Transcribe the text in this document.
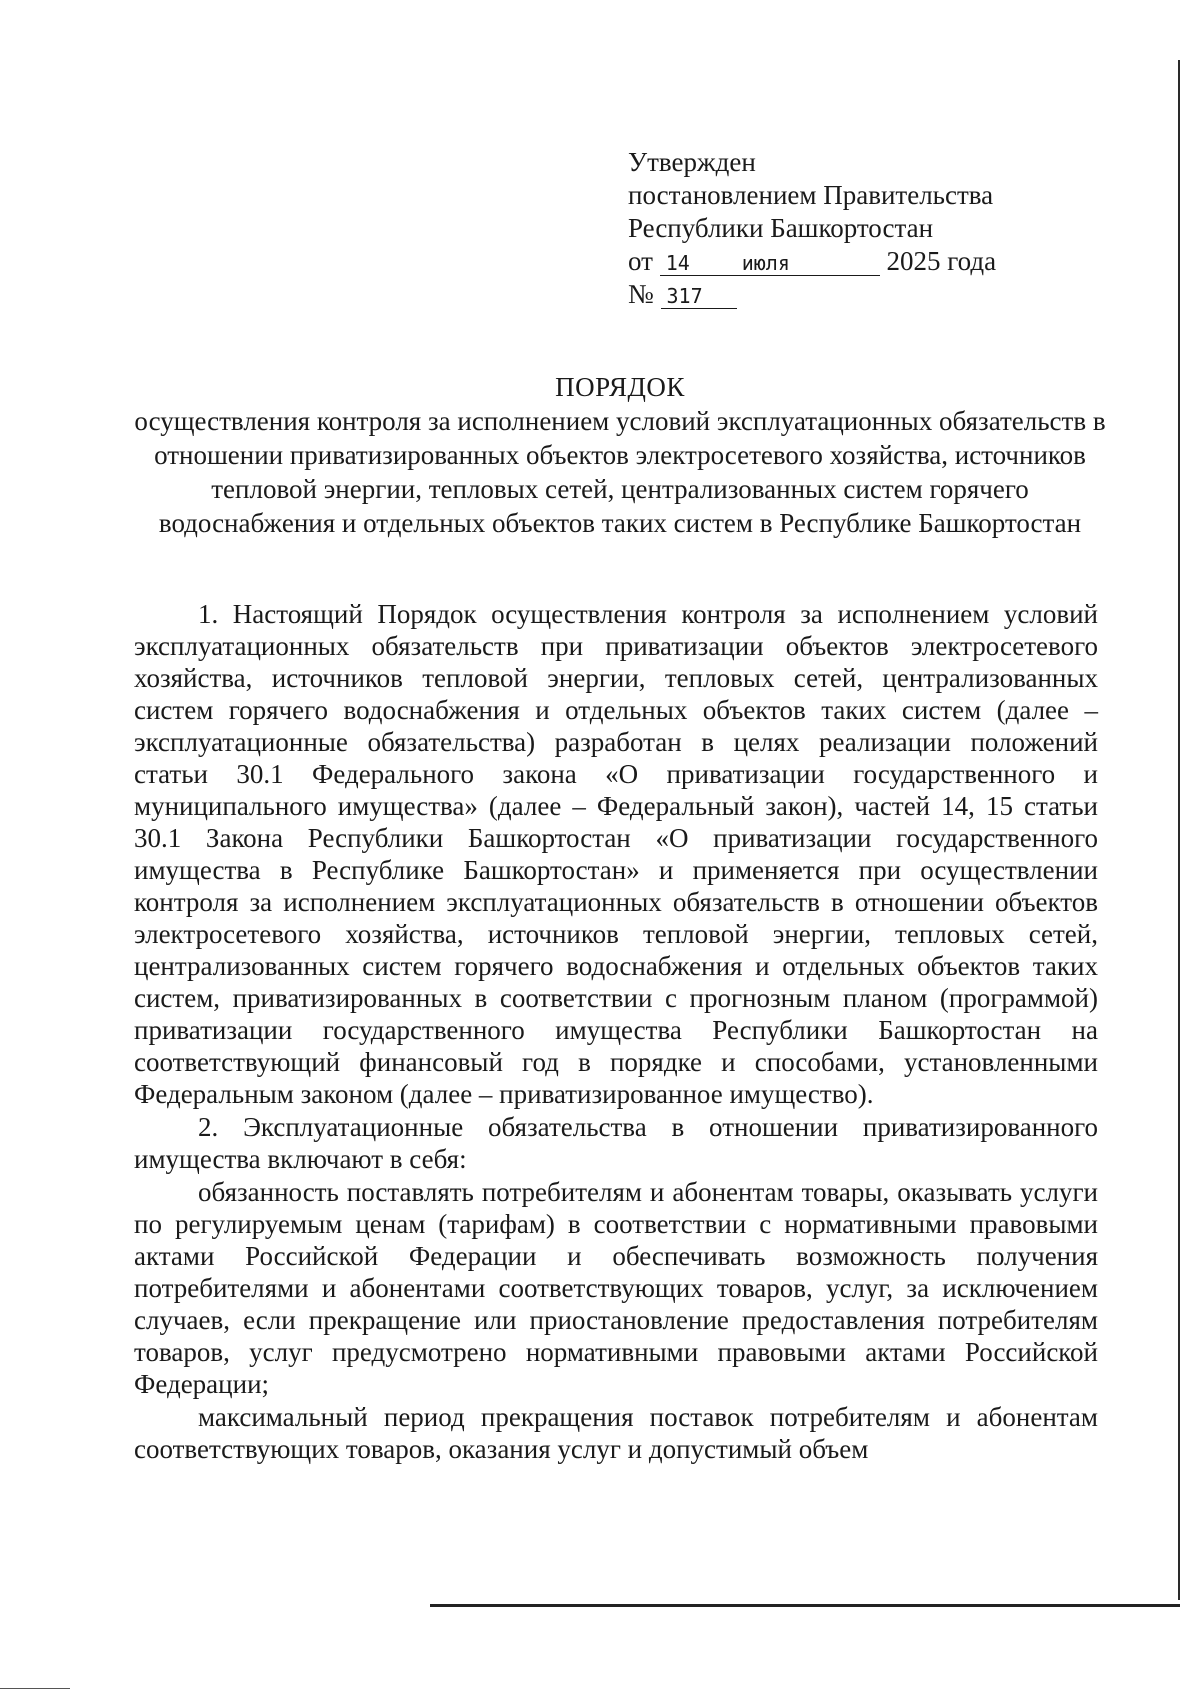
Утвержден
постановлением Правительства
Республики Башкортостан
от 14	июля	2025 года
№ 317
ПОРЯДОК
осуществления контроля за исполнением условий эксплуатационных обязательств в отношении приватизированных объектов электросетевого хозяйства, источников тепловой энергии, тепловых сетей, централизованных систем горячего водоснабжения и отдельных объектов таких систем в Республике Башкортостан

1. Настоящий Порядок осуществления контроля за исполнением условий эксплуатационных обязательств при приватизации объектов электросетевого хозяйства, источников тепловой энергии, тепловых сетей, централизованных систем горячего водоснабжения и отдельных объектов таких систем (далее – эксплуатационные обязательства) разработан в целях реализации положений статьи 30.1 Федерального закона «О приватизации государственного и муниципального имущества» (далее – Федеральный закон), частей 14, 15 статьи 30.1 Закона Республики Башкортостан «О приватизации государственного имущества в Республике Башкортостан» и применяется при осуществлении контроля за исполнением эксплуатационных обязательств в отношении объектов электросетевого хозяйства, источников тепловой энергии, тепловых сетей, централизованных систем горячего водоснабжения и отдельных объектов таких систем, приватизированных в соответствии с прогнозным планом (программой) приватизации государственного имущества Республики Башкортостан на соответствующий финансовый год в порядке и способами, установленными Федеральным законом (далее – приватизированное имущество).

2. Эксплуатационные обязательства в отношении приватизированного имущества включают в себя:

обязанность поставлять потребителям и абонентам товары, оказывать услуги по регулируемым ценам (тарифам) в соответствии с нормативными правовыми актами Российской Федерации и обеспечивать возможность получения потребителями и абонентами соответствующих товаров, услуг, за исключением случаев, если прекращение или приостановление предоставления потребителям товаров, услуг предусмотрено нормативными правовыми актами Российской Федерации;

максимальный период прекращения поставок потребителям и абонентам соответствующих товаров, оказания услуг и допустимый объем
